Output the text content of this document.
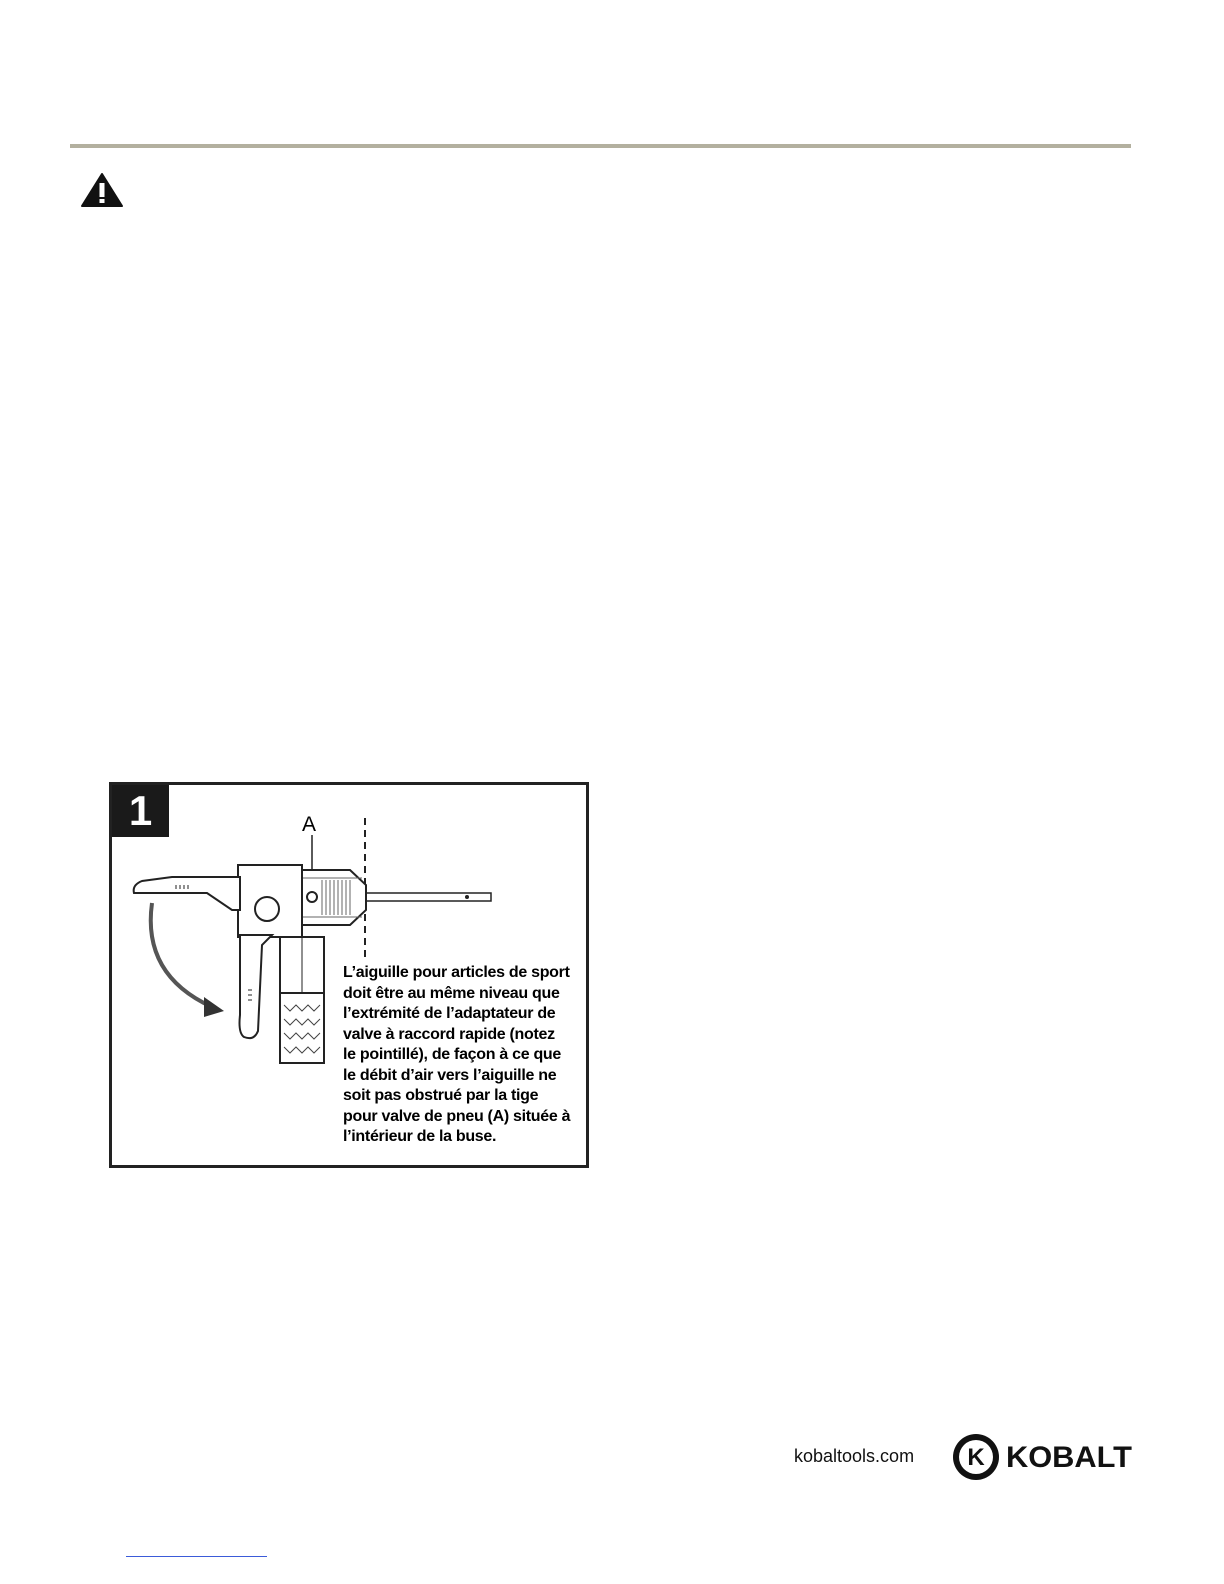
1	A
L’aiguille pour articles de sport
doit être au même niveau que
l’extrémité de l’adaptateur de
valve à raccord rapide (notez
le pointillé), de façon à ce que
le débit d’air vers l’aiguille ne
soit pas obstrué par la tige
pour valve de pneu (A) située à
l’intérieur de la buse.
kobaltools.com K KOBALT
